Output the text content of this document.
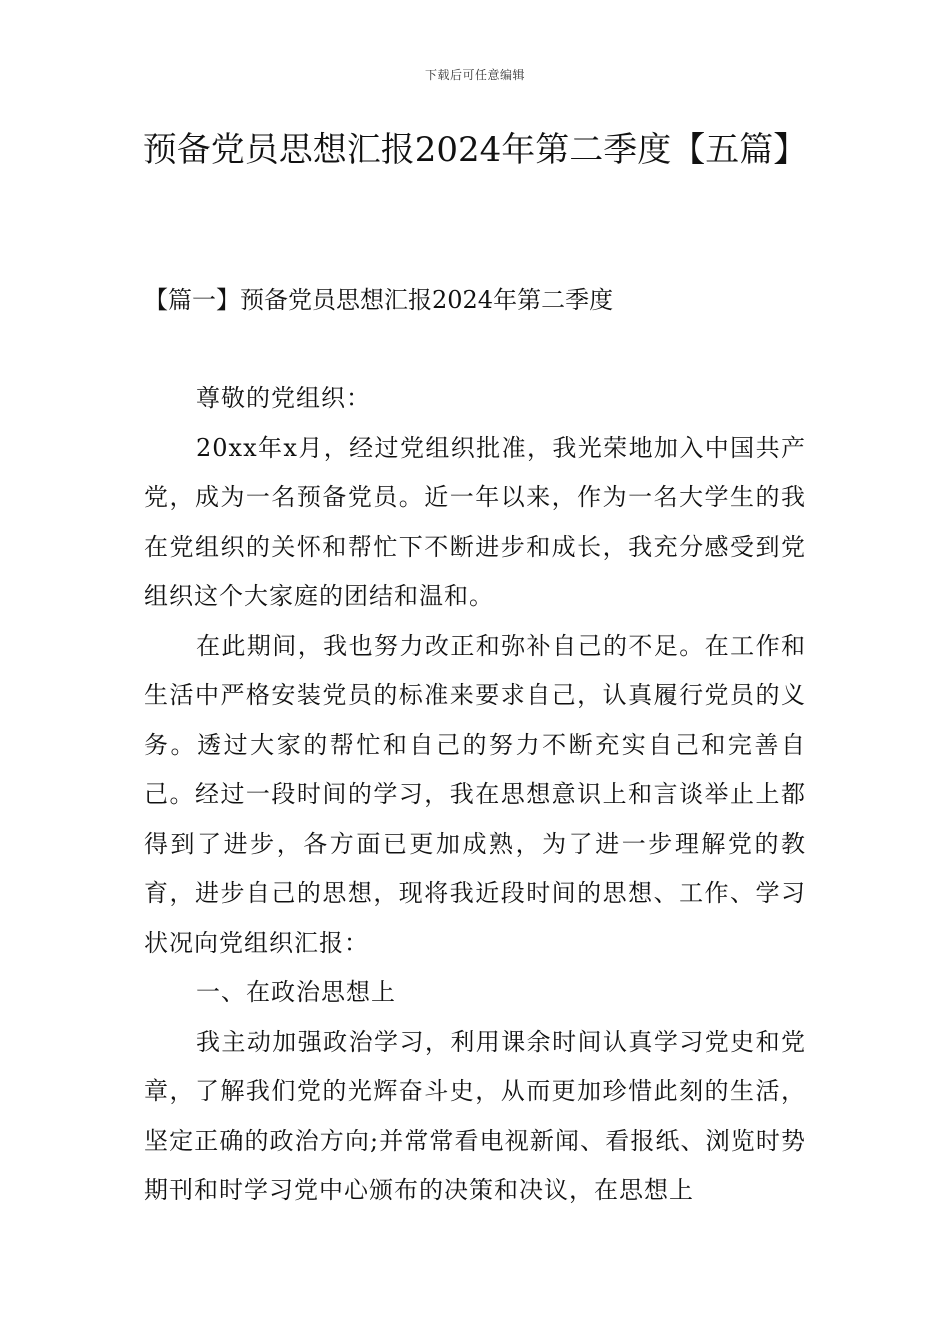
下载后可任意编辑
预备党员思想汇报2024年第二季度【五篇】
【篇一】预备党员思想汇报2024年第二季度

尊敬的党组织：

20xx年x月，经过党组织批准，我光荣地加入中国共产党，成为一名预备党员。近一年以来，作为一名大学生的我在党组织的关怀和帮忙下不断进步和成长，我充分感受到党组织这个大家庭的团结和温和。

在此期间，我也努力改正和弥补自己的不足。在工作和生活中严格安装党员的标准来要求自己，认真履行党员的义务。透过大家的帮忙和自己的努力不断充实自己和完善自己。经过一段时间的学习，我在思想意识上和言谈举止上都得到了进步，各方面已更加成熟，为了进一步理解党的教育，进步自己的思想，现将我近段时间的思想、工作、学习状况向党组织汇报：

一、在政治思想上

我主动加强政治学习，利用课余时间认真学习党史和党章，了解我们党的光辉奋斗史，从而更加珍惜此刻的生活，坚定正确的政治方向;并常常看电视新闻、看报纸、浏览时势期刊和时学习党中心颁布的决策和决议，在思想上
